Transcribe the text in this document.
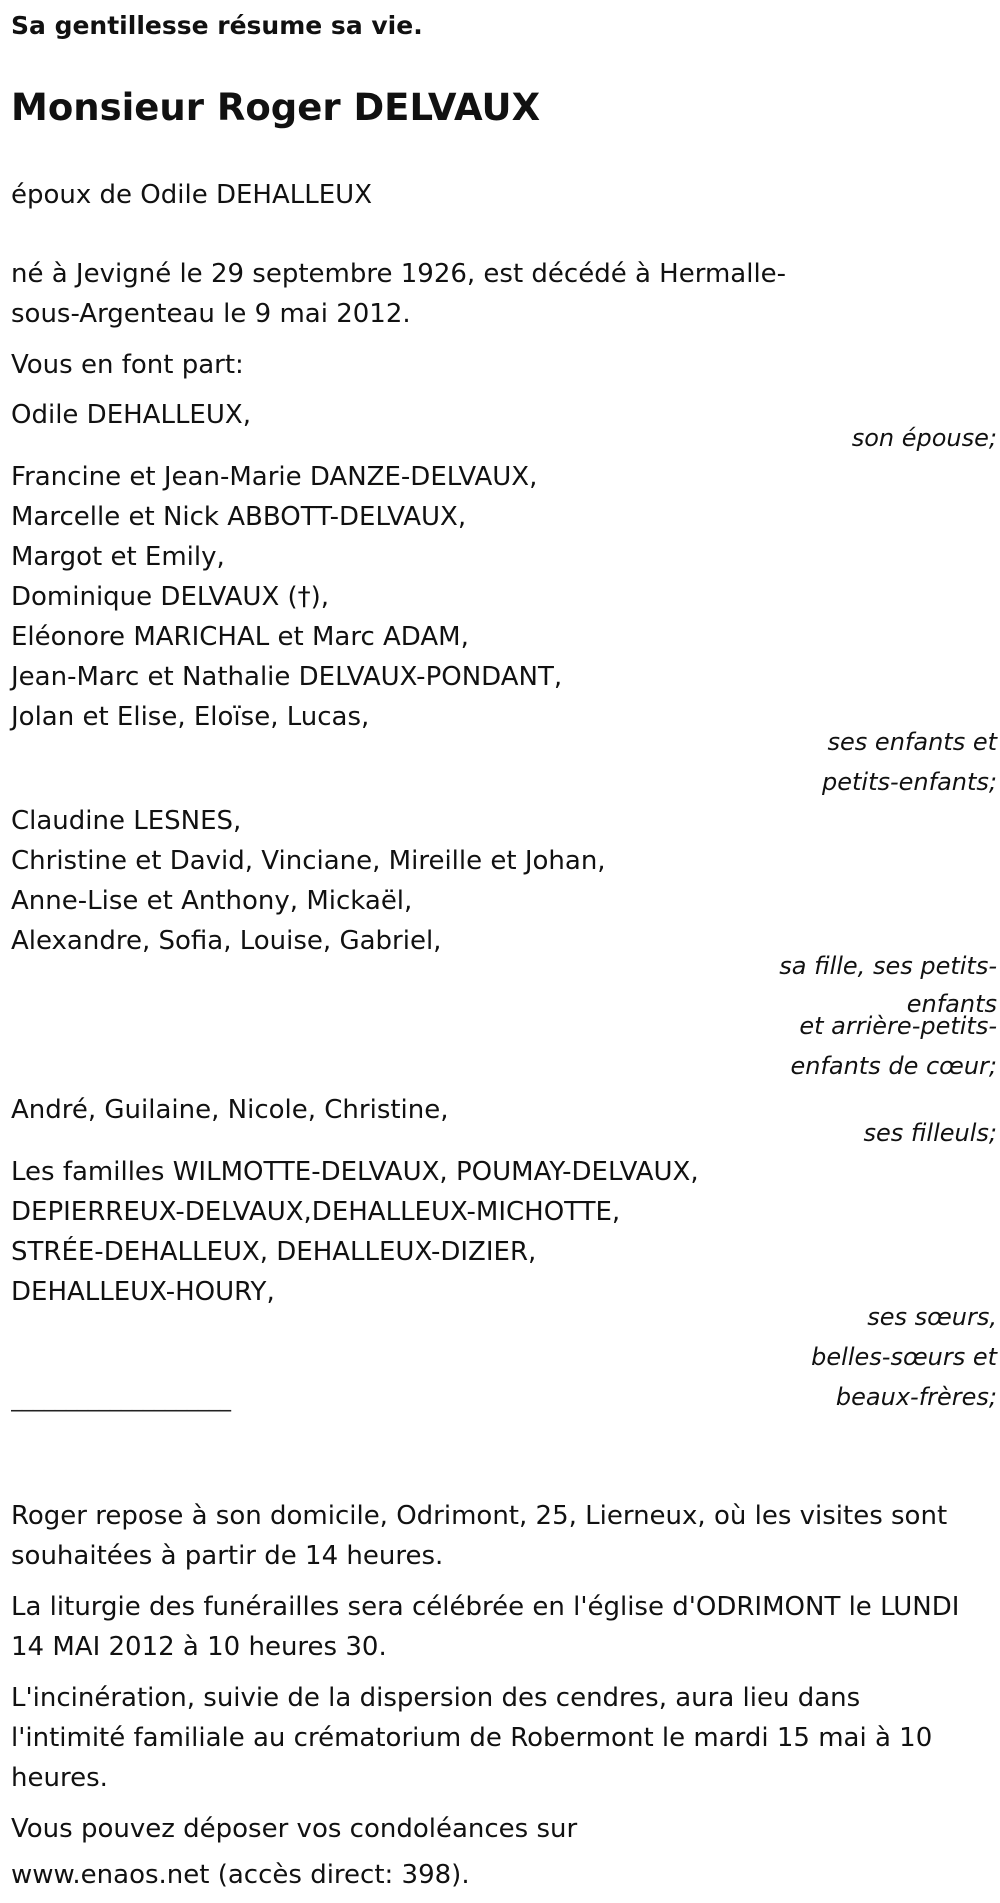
Sa gentillesse résume sa vie.
Monsieur Roger DELVAUX
époux de Odile DEHALLEUX
né à Jevigné le 29 septembre 1926, est décédé à Hermalle-
sous-Argenteau le 9 mai 2012.
Vous en font part:
Odile DEHALLEUX,
son épouse;
Francine et Jean-Marie DANZE-DELVAUX,
Marcelle et Nick ABBOTT-DELVAUX,
Margot et Emily,
Dominique DELVAUX (†),
Eléonore MARICHAL et Marc ADAM,
Jean-Marc et Nathalie DELVAUX-PONDANT,
Jolan et Elise, Eloïse, Lucas,
ses enfants et
petits-enfants;
Claudine LESNES,
Christine et David, Vinciane, Mireille et Johan,
Anne-Lise et Anthony, Mickaël,
Alexandre, Sofia, Louise, Gabriel,
sa fille, ses petits-
enfants
et arrière-petits-
enfants de cœur;
André, Guilaine, Nicole, Christine,
ses filleuls;
Les familles WILMOTTE-DELVAUX, POUMAY-DELVAUX,
DEPIERREUX-DELVAUX,DEHALLEUX-MICHOTTE,
STRÉE-DEHALLEUX, DEHALLEUX-DIZIER,
DEHALLEUX-HOURY,
ses sœurs,
belles-sœurs et
beaux-frères;
____________________
Roger repose à son domicile, Odrimont, 25, Lierneux, où les visites sont
souhaitées à partir de 14 heures.
La liturgie des funérailles sera célébrée en l'église d'ODRIMONT le LUNDI
14 MAI 2012 à 10 heures 30.
L'incinération, suivie de la dispersion des cendres, aura lieu dans
l'intimité familiale au crématorium de Robermont le mardi 15 mai à 10
heures.
Vous pouvez déposer vos condoléances sur
www.enaos.net (accès direct: 398).
